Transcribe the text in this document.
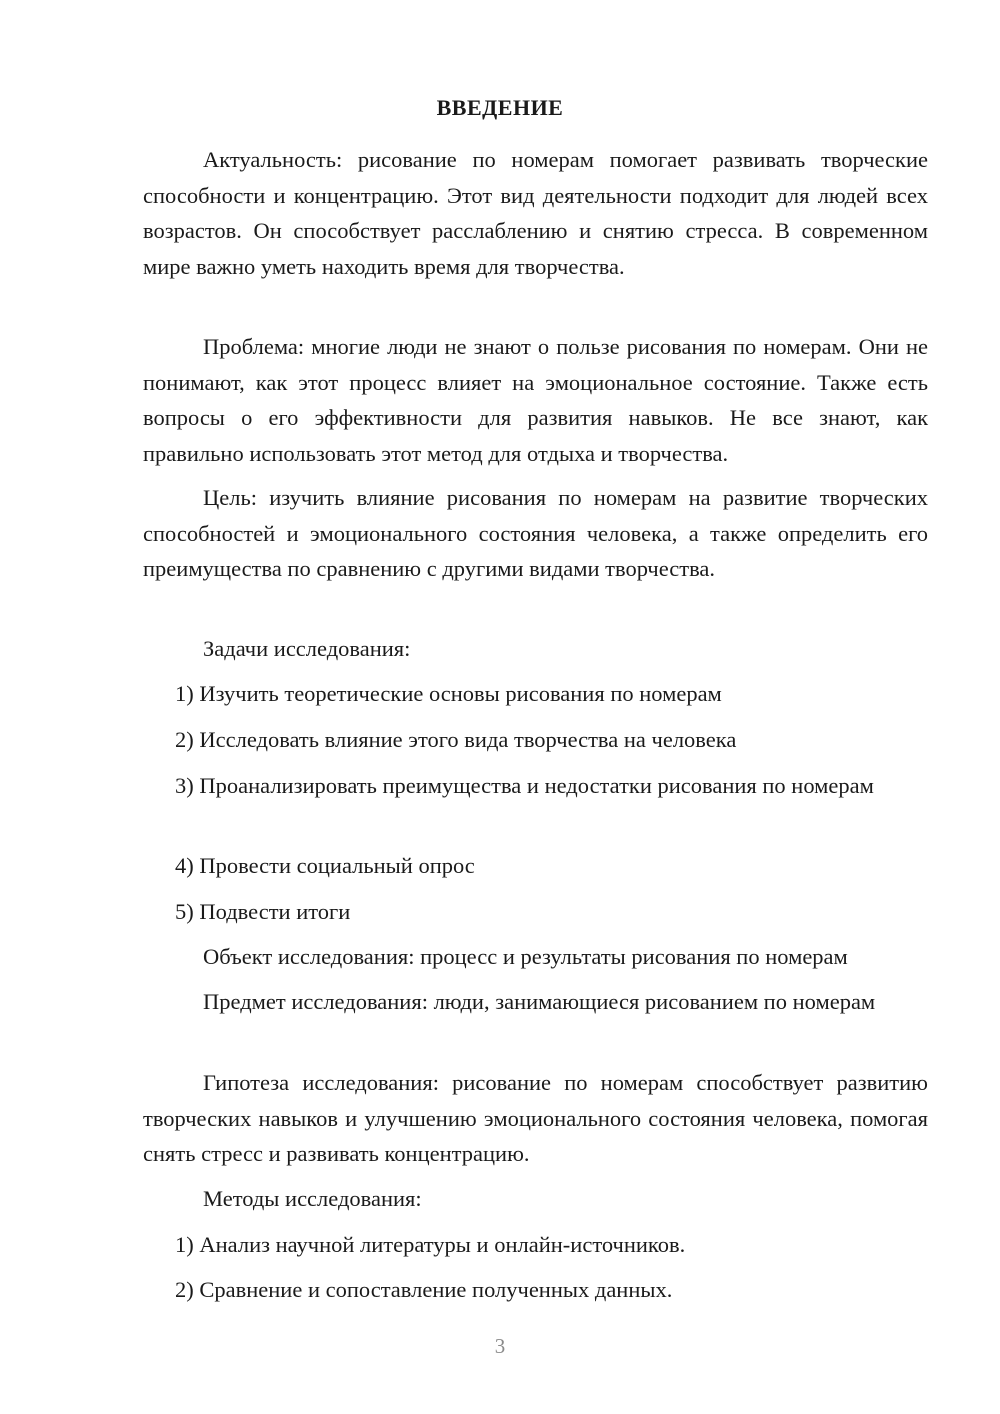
ВВЕДЕНИЕ

Актуальность: рисование по номерам помогает развивать творческие способности и концентрацию. Этот вид деятельности подходит для людей всех возрастов. Он способствует расслаблению и снятию стресса. В современном мире важно уметь находить время для творчества.

Проблема: многие люди не знают о пользе рисования по номерам. Они не понимают, как этот процесс влияет на эмоциональное состояние. Также есть вопросы о его эффективности для развития навыков. Не все знают, как правильно использовать этот метод для отдыха и творчества.

Цель: изучить влияние рисования по номерам на развитие творческих способностей и эмоционального состояния человека, а также определить его преимущества по сравнению с другими видами творчества.

Задачи исследования:

1) Изучить теоретические основы рисования по номерам

2) Исследовать влияние этого вида творчества на человека

3) Проанализировать преимущества и недостатки рисования по номерам

4) Провести социальный опрос

5) Подвести итоги

Объект исследования: процесс и результаты рисования по номерам

Предмет исследования: люди, занимающиеся рисованием по номерам

Гипотеза исследования: рисование по номерам способствует развитию творческих навыков и улучшению эмоционального состояния человека, помогая снять стресс и развивать концентрацию.

Методы исследования:

1) Анализ научной литературы и онлайн-источников.

2) Сравнение и сопоставление полученных данных.

3
